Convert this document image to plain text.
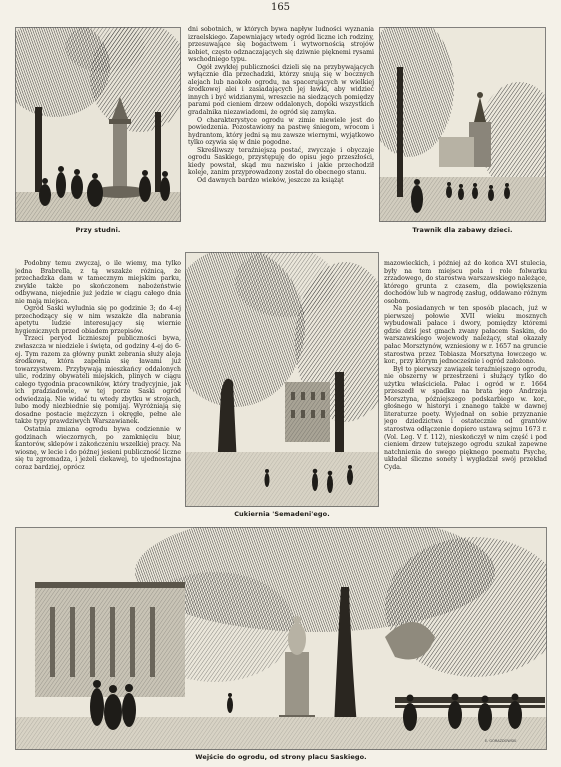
165
Przy studni.

dni sobotnich, w których bywa napływ ludności wyznania izraelskiego. Zapewniający wtedy ogród liczne ich rodziny, przesuwające się bogactwem i wytwornością strojów kobiet, często odznaczających się dziwnie pięknemi rysami wschodniego typu.

Ogół zwykłej publiczności dzieli się na przybywających wyłącznie dla przechadzki, którzy snują się w bocznych alejach lub naokoło ogrodu, na spacerujących w wielkiej środkowej alei i zasiadających jej ławki, aby widzieć innych i być widzianymi, wreszcie na siedzących pomiędzy parami pod cieniem drzew oddalonych, dopóki wszystkich gradalnika niezawiadomi, że ogród się zamyka.

O charakterystyce ogrodu w zimie niewiele jest do powiedzenia. Pozostawiony na pastwę śniegom, wrocom i hydrantom, który jedni są mu zawsze wiernymi, wyjątkowo tylko ozywia się w dnie pogodne.

Skreśliwszy teraźniejszą postać, zwyczaje i obyczaje ogrodu Saskiego, przystępuję do opisu jego przeszłości, kiedy powstał, skąd mu nazwisko i jakie przechodził koleje, zanim przyprowadzony został do obecnego stanu.

Od dawnych bardzo wieków, jeszcze za książąt

Trawnik dla zabawy dzieci.

Podobny temu zwyczaj, o ile wiemy, ma tylko jedna Brabrella, z tą wszakże różnicą, że przechadzka dam w tamecznym miejskim parku, zwykle także po skończonem nabożeństwie odbywana, niejednie już jedzie w ciągu całego dnia nie mają miejsca.

Ogród Saski wyludnia się po godzinie 3; do 4-ej przechodzący się w nim wszakże dla nabrania apetytu ludzie interesujący się wiernie hygienicznych przed obiadem przepisów.

Trzeci peryod licznieszej publiczności bywa, zwłaszcza w niedziele i święta, od godziny 4-ej do 6-ej. Tym razem za główny punkt zebrania służy aleja środkowa, która zapełnia się ławami już towarzystwem. Przybywają mieszkańcy oddalonych ulic, rodziny obywateli miejskich, plinych w ciągu całego tygodnia pracowników, który tradycyjnie, jak ich pradziadowie, w tej porze Saski ogród odwiedzają. Nie widać tu wtedy zbytku w strojach, lubo mody niezbiednie się pomijaj. Wyróżniają się dosadne postacie mężczyzn i okręgłe, pełne ale także typy prawdziwych Warszawianek.

Ostatnia zmiana ogrodu bywa codziennie w godzinach wieczornych, po zamknięciu biur, kantorów, sklepów i zakończeniu wszelkiej pracy. Na wiosnę, w lecie i do późnej jesieni publiczność liczne się tu zgromadza, i jeżeli ciekawej, to ujednostajna coraz bardziej, oprócz

Cukiernia 'Semadeni'ego.

mazowieckich, i później aż do końca XVI stulecia, były na tem miejscu pola i role folwarku zrzadowego, do starostwa warszawskiego należące, którego grunta z czasem, dla powiększenia dochodów lub w nagrodę zasług, oddawano różnym osobom.

Na posiadanych w ten sposób placach, już w pierwszej połowie XVII wieku mosznych wybudowali pałace i dwory, pomiędzy któremi gdzie dziś jest gmach zwany pałacem Saskim, do warszawskiego wojewody należący, stał okazały pałac Morsztynów, wzniesiony w r. 1657 na gruncie starostwa przez Tobiasza Morsztyna łowczego w. kor., przy którym jednocześnie i ogród założono.

Był to pierwszy zawiązek teraźniejszego ogrodu, nie obszerny w przestrzeni i służący tylko do użytku właściciela. Pałac i ogród w r. 1664 przeszedł w spadku na brata jego Andrzeja Morsztyna, późniejszego podskarbiego w. kor., głośnego w historyi i znanego także w dawnej literaturze poety. Wyjednał on sobie przyznanie jego dziedzictwa i ostatecznie od grantów starostwa odłączenie dopiero ustawą sejmu 1673 r. (Vol. Leg. V f. 112), nieskończył w nim część i pod cieniem drzew tutejszego ogrodu szukał zapewne natchnienia do swego pięknego poematu Psyche, układał śliczne sonety i wygładzał swój przekład Cyda.

E. GORAZDOWSKI
Wejście do ogrodu, od strony placu Saskiego.
